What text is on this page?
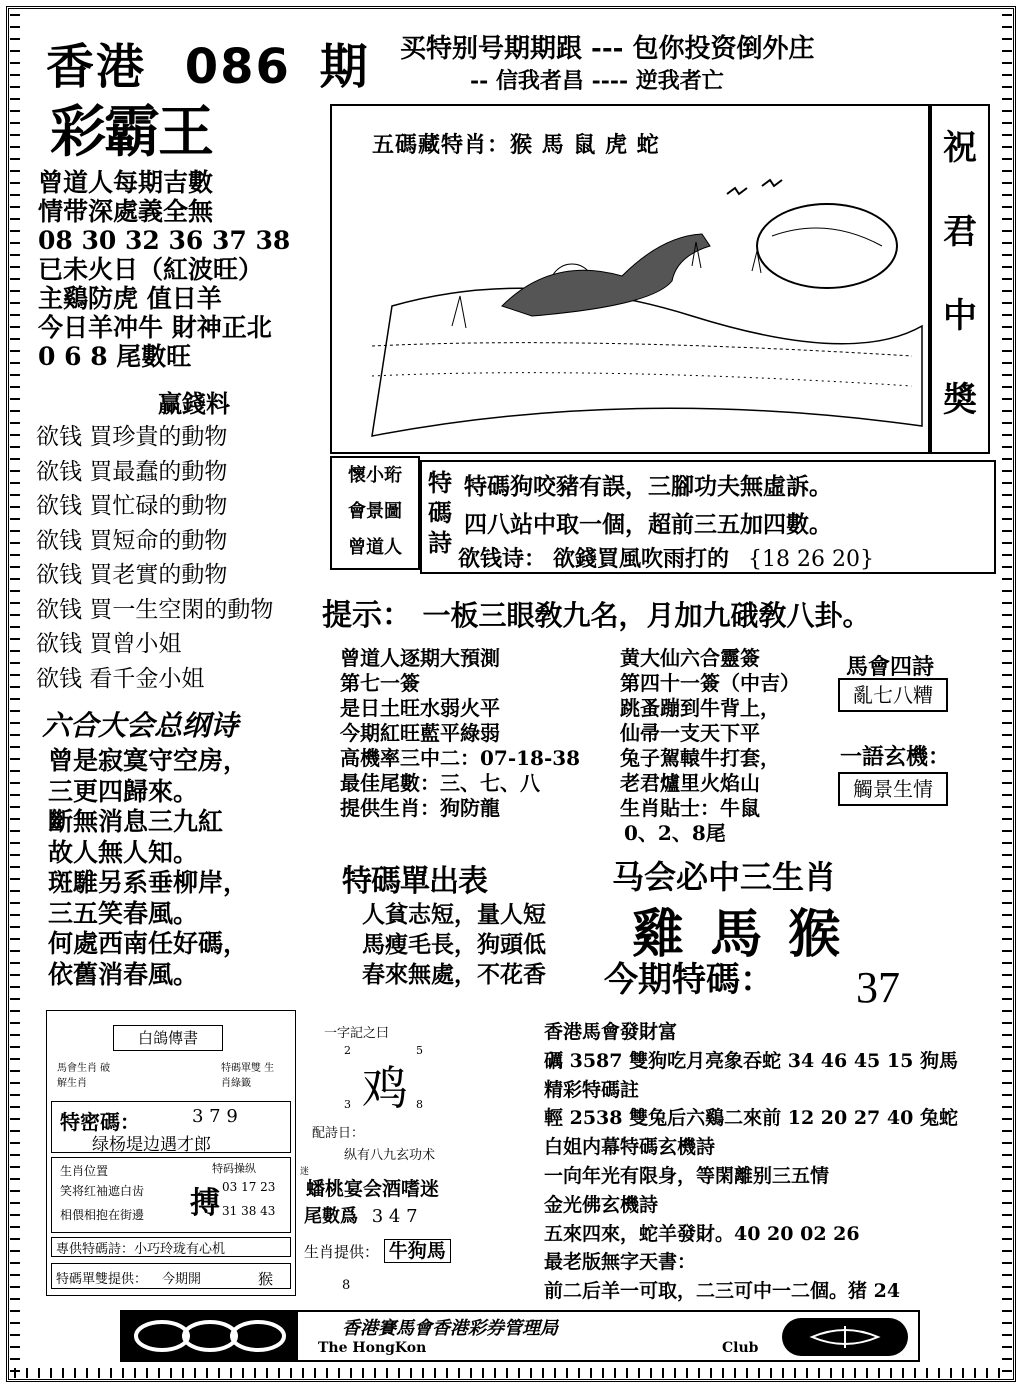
香港 086 期
彩霸王
买特别号期期跟 --- 包你投资倒外庄
-- 信我者昌 ---- 逆我者亡
曾道人每期吉數
情带深處義全無
08 30 32 36 37 38
已未火日（紅波旺）
主鷄防虎 值日羊
今日羊冲牛 財神正北
0 6 8 尾數旺
赢錢料
欲钱 買珍貴的動物
欲钱 買最蠢的動物
欲钱 買忙碌的動物
欲钱 買短命的動物
欲钱 買老實的動物
欲钱 買一生空閑的動物
欲钱 買曾小姐
欲钱 看千金小姐
六合大会总纲诗
曾是寂寞守空房，
三更四歸來。
斷無消息三九紅
故人無人知。
斑騅另系垂柳岸，
三五笑春風。
何處西南任好碼，
依舊消春風。
五碼藏特肖：猴 馬 鼠 虎 蛇	祝
君
中
奬
懷小珩
會景圖
曾道人
特
碼
詩
特碼狗咬豬有誤，三腳功夫無虛訴。
四八站中取一個，超前三五加四數。
欲钱诗： 欲錢買風吹雨打的 {18 26 20}
提示： 一板三眼敎九名，月加九硪敎八卦。
曾道人逐期大預測
第七一簽
是日土旺水弱火平
今期紅旺藍平綠弱
高機率三中二：07-18-38
最佳尾數：三、七、八
提供生肖：狗防龍
黄大仙六合靈簽
第四十一簽（中吉）
跳蚤蹦到牛背上，
仙帚一支天下平
兔子駕轅牛打套，
老君爐里火焰山
生肖貼士：牛鼠
0、2、8尾
馬會四詩
亂七八糟
一語玄機：
觸景生情
特碼單出表
人貧志短，量人短
馬瘦毛長，狗頭低
春來無處，不花香
马会必中三生肖
雞 馬 猴
今期特碼： 37
白鴿傳書
馬會生肖 破解生肖
特碼單雙 生肖綠籤
特密碼：	3 7 9
绿杨堤边遇才郎
生肖位置
笑将红袖遮白齿
相偎相抱在街邊 搏
特码操纵
03 17 23
31 38 43
專供特碼詩：小巧玲珑有心机
特碼單雙提供： 今期開	猴
一字記之曰
2	5
鸡
3	8
配詩日：
纵有八九玄功术
迷
蟠桃宴会酒嗜迷
尾數爲 3 4 7
生肖提供： 牛狗馬
8
香港馬會發財富
礪 3587 雙狗吃月亮象吞蛇 34 46 45 15 狗馬
精彩特碼註
輕 2538 雙兔后六鷄二來前 12 20 27 40 兔蛇
白姐内幕特碼玄機詩
一向年光有限身，等閑離别三五情
金光佛玄機詩
五來四來，蛇羊發財。40 20 02 26
最老版無字天書：
前二后羊一可取，二三可中一二個。猪 24
香港賽馬會香港彩券管理局
The HongKon	Club
